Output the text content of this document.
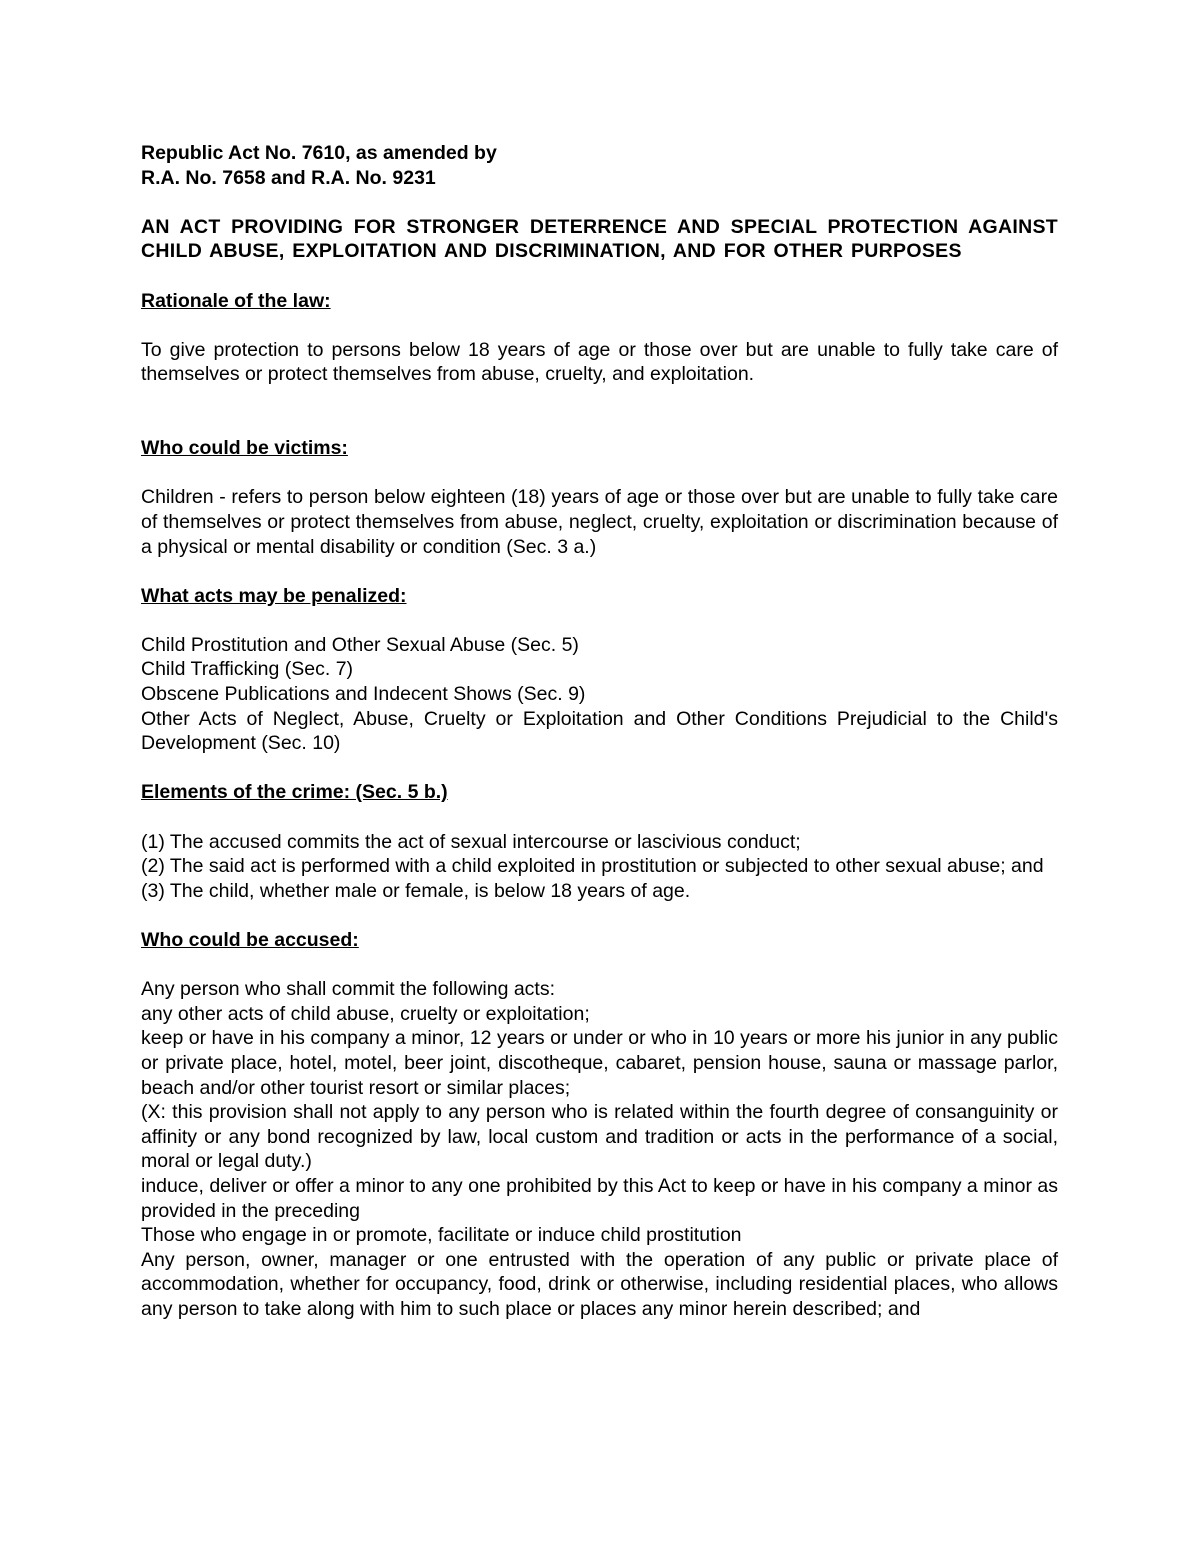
Republic Act No. 7610, as amended by
R.A. No. 7658 and R.A. No. 9231
AN ACT PROVIDING FOR STRONGER DETERRENCE AND SPECIAL PROTECTION AGAINST CHILD ABUSE, EXPLOITATION AND DISCRIMINATION, AND FOR OTHER PURPOSES
Rationale of the law:
To give protection to persons below 18 years of age or those over but are unable to fully take care of themselves or protect themselves from abuse, cruelty, and exploitation.
Who could be victims:
Children - refers to person below eighteen (18) years of age or those over but are unable to fully take care of themselves or protect themselves from abuse, neglect, cruelty, exploitation or discrimination because of a physical or mental disability or condition (Sec. 3 a.)
What acts may be penalized:
Child Prostitution and Other Sexual Abuse (Sec. 5)
Child Trafficking (Sec. 7)
Obscene Publications and Indecent Shows (Sec. 9)
Other Acts of Neglect, Abuse, Cruelty or Exploitation and Other Conditions Prejudicial to the Child's Development (Sec. 10)
Elements of the crime: (Sec. 5 b.)
(1) The accused commits the act of sexual intercourse or lascivious conduct;
(2) The said act is performed with a child exploited in prostitution or subjected to other sexual abuse; and
(3) The child, whether male or female, is below 18 years of age.
Who could be accused:
Any person who shall commit the following acts:
any other acts of child abuse, cruelty or exploitation;
keep or have in his company a minor, 12 years or under or who in 10 years or more his junior in any public or private place, hotel, motel, beer joint, discotheque, cabaret, pension house, sauna or massage parlor, beach and/or other tourist resort or similar places;
(X: this provision shall not apply to any person who is related within the fourth degree of consanguinity or affinity or any bond recognized by law, local custom and tradition or acts in the performance of a social, moral or legal duty.)
induce, deliver or offer a minor to any one prohibited by this Act to keep or have in his company a minor as provided in the preceding
Those who engage in or promote, facilitate or induce child prostitution
Any person, owner, manager or one entrusted with the operation of any public or private place of accommodation, whether for occupancy, food, drink or otherwise, including residential places, who allows any person to take along with him to such place or places any minor herein described; and
